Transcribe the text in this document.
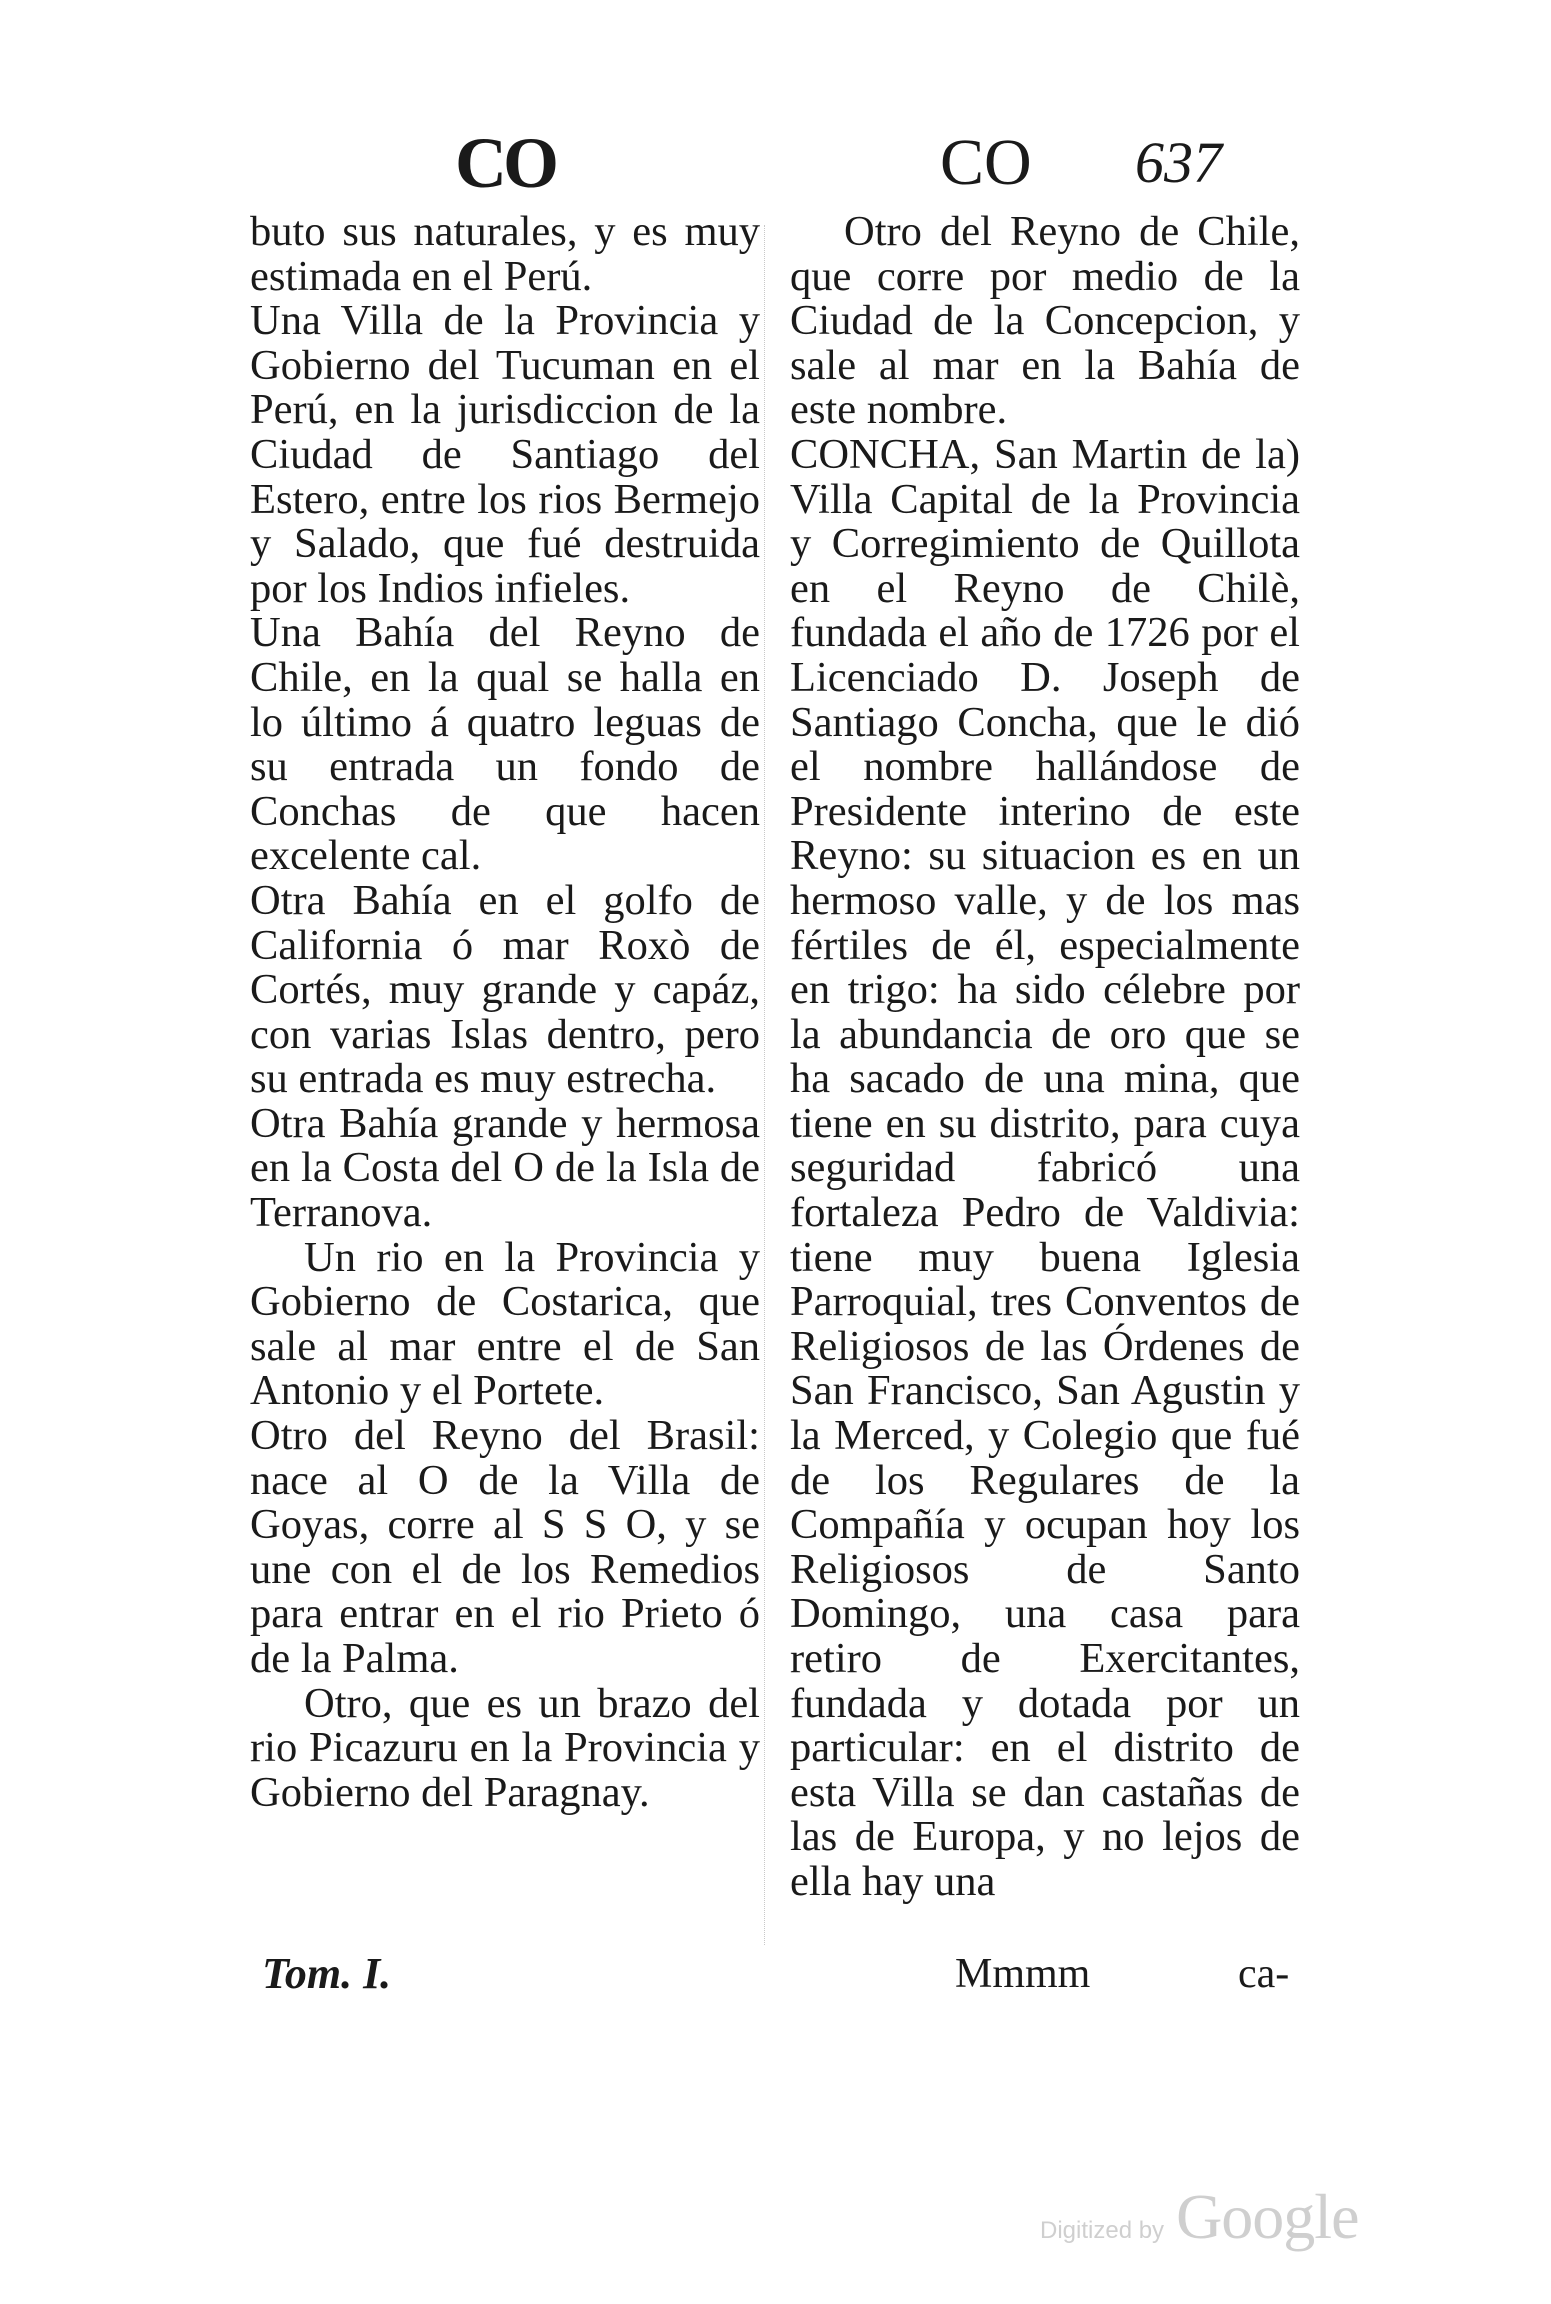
CO	CO 637

buto sus naturales, y es muy estimada en el Perú.

Una Villa de la Provincia y Gobierno del Tucuman en el Perú, en la jurisdiccion de la Ciudad de Santiago del Estero, entre los rios Bermejo y Salado, que fué destruida por los Indios infieles.

Una Bahía del Reyno de Chile, en la qual se halla en lo último á quatro leguas de su entrada un fondo de Conchas de que hacen excelente cal.

Otra Bahía en el golfo de California ó mar Roxò de Cortés, muy grande y capáz, con varias Islas dentro, pero su entrada es muy estrecha.

Otra Bahía grande y hermosa en la Costa del O de la Isla de Terranova.

Un rio en la Provincia y Gobierno de Costarica, que sale al mar entre el de San Antonio y el Portete.

Otro del Reyno del Brasil: nace al O de la Villa de Goyas, corre al S S O, y se une con el de los Remedios para entrar en el rio Prieto ó de la Palma.

Otro, que es un brazo del rio Picazuru en la Provincia y Gobierno del Paragnay.

Otro del Reyno de Chile, que corre por medio de la Ciudad de la Concepcion, y sale al mar en la Bahía de este nombre.

CONCHA, San Martin de la) Villa Capital de la Provincia y Corregimiento de Quillota en el Reyno de Chilè, fundada el año de 1726 por el Licenciado D. Joseph de Santiago Concha, que le dió el nombre hallándose de Presidente interino de este Reyno: su situacion es en un hermoso valle, y de los mas fértiles de él, especialmente en trigo: ha sido célebre por la abundancia de oro que se ha sacado de una mina, que tiene en su distrito, para cuya seguridad fabricó una fortaleza Pedro de Valdivia: tiene muy buena Iglesia Parroquial, tres Conventos de Religiosos de las Órdenes de San Francisco, San Agustin y la Merced, y Colegio que fué de los Regulares de la Compañía y ocupan hoy los Religiosos de Santo Domingo, una casa para retiro de Exercitantes, fundada y dotada por un particular: en el distrito de esta Villa se dan castañas de las de Europa, y no lejos de ella hay una

Tom. I.	Mmmm	ca-
Digitized by Google
